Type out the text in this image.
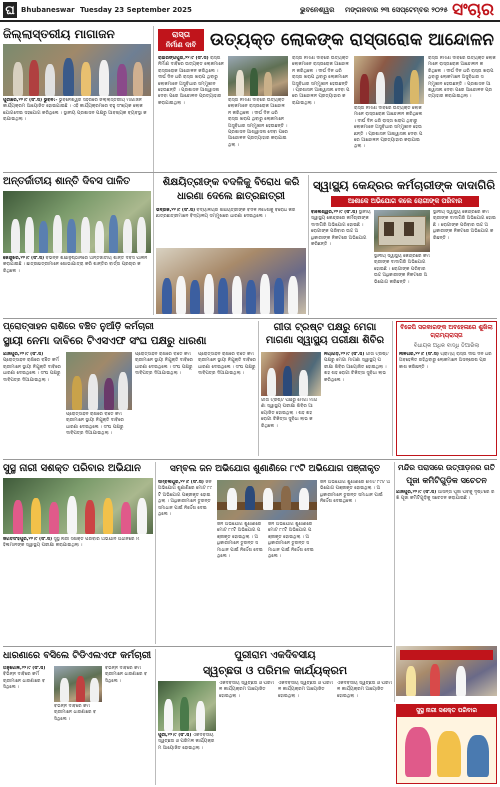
ଘ Bhubaneswar Tuesday 23 September 2025	ଭୁବନେଶ୍ୱର ମଙ୍ଗଳବାର ୨୩ ସେପ୍ଟେମ୍ବର ୨୦୨୫ ସଂଚାର
ଜିଲ୍ଲାସ୍ତରୀୟ ମାଗାଜନ
ପୁରୀରେ,୨୨।୯ (ସଂ.ସ) ଭୁବନ:- ଭୁବନେଶ୍ୱର ସହରରେ ଜିଲ୍ଲାସ୍ତରୀୟ ମାଗାଜନ କାର୍ଯ୍ୟକ୍ରମ ଆୟୋଜିତ ହୋଇଯାଇଛି । ଏହି କାର୍ଯ୍ୟକ୍ରମରେ ବହୁ ସଂଖ୍ୟକ ଲୋକ ଯୋଗଦେଇ ସହଯୋଗ କରିଥିଲେ । ସ୍ଥାନୀୟ ପ୍ରଶାସନ ପକ୍ଷରୁ ଆବଶ୍ୟକ ବ୍ୟବସ୍ଥା କରାଯାଇଥିଲା ।
ରାସ୍ତା
ନିର୍ମାଣ ଦାବି ଉତ୍ୟକ୍ତ ଲୋକଙ୍କ ରାସ୍ତାରୋକ ଆନ୍ଦୋଳନ
ରାଇରଙ୍ଗପୁର,୨୨।୯ (ସଂ.ସ) ରାସ୍ତା ନିର୍ମାଣ ଦାବିରେ ଉତ୍ୟକ୍ତ ଲୋକମାନେ ରାସ୍ତାରୋକ ଆନ୍ଦୋଳନ କରିଥିଲେ । ଦୀର୍ଘ ଦିନ ଧରି ରାସ୍ତା ଖରାପ ଥିବାରୁ ଲୋକମାନେ ଅସୁବିଧାର ସମ୍ମୁଖୀନ ହେଉଛନ୍ତି । ପ୍ରଶାସନ ଆଶ୍ୱାସନା ଦେବା ପରେ ଆନ୍ଦୋଳନ ପ୍ରତ୍ୟାହାର କରାଯାଇଥିଲା ।
ରାସ୍ତା ନିର୍ମାଣ ଦାବିରେ ଉତ୍ୟକ୍ତ ଲୋକମାନେ ରାସ୍ତାରୋକ ଆନ୍ଦୋଳନ କରିଥିଲେ । ଦୀର୍ଘ ଦିନ ଧରି ରାସ୍ତା ଖରାପ ଥିବାରୁ ଲୋକମାନେ ଅସୁବିଧାର ସମ୍ମୁଖୀନ ହେଉଛନ୍ତି । ପ୍ରଶାସନ ଆଶ୍ୱାସନା ଦେବା ପରେ ଆନ୍ଦୋଳନ ପ୍ରତ୍ୟାହାର କରାଯାଇଥିଲା ।
ରାସ୍ତା ନିର୍ମାଣ ଦାବିରେ ଉତ୍ୟକ୍ତ ଲୋକମାନେ ରାସ୍ତାରୋକ ଆନ୍ଦୋଳନ କରିଥିଲେ । ଦୀର୍ଘ ଦିନ ଧରି ରାସ୍ତା ଖରାପ ଥିବାରୁ ଲୋକମାନେ ଅସୁବିଧାର ସମ୍ମୁଖୀନ ହେଉଛନ୍ତି । ପ୍ରଶାସନ ଆଶ୍ୱାସନା ଦେବା ପରେ ଆନ୍ଦୋଳନ ପ୍ରତ୍ୟାହାର କରାଯାଇଥିଲା ।
ରାସ୍ତା ନିର୍ମାଣ ଦାବିରେ ଉତ୍ୟକ୍ତ ଲୋକମାନେ ରାସ୍ତାରୋକ ଆନ୍ଦୋଳନ କରିଥିଲେ । ଦୀର୍ଘ ଦିନ ଧରି ରାସ୍ତା ଖରାପ ଥିବାରୁ ଲୋକମାନେ ଅସୁବିଧାର ସମ୍ମୁଖୀନ ହେଉଛନ୍ତି । ପ୍ରଶାସନ ଆଶ୍ୱାସନା ଦେବା ପରେ ଆନ୍ଦୋଳନ ପ୍ରତ୍ୟାହାର କରାଯାଇଥିଲା ।
ରାସ୍ତା ନିର୍ମାଣ ଦାବିରେ ଉତ୍ୟକ୍ତ ଲୋକମାନେ ରାସ୍ତାରୋକ ଆନ୍ଦୋଳନ କରିଥିଲେ । ଦୀର୍ଘ ଦିନ ଧରି ରାସ୍ତା ଖରାପ ଥିବାରୁ ଲୋକମାନେ ଅସୁବିଧାର ସମ୍ମୁଖୀନ ହେଉଛନ୍ତି । ପ୍ରଶାସନ ଆଶ୍ୱାସନା ଦେବା ପରେ ଆନ୍ଦୋଳନ ପ୍ରତ୍ୟାହାର କରାଯାଇଥିଲା ।
ଅନ୍ତର୍ଜାତୀୟ ଶାନ୍ତି ଦିବସ ପାଳିତ
କେନ୍ଦୁଝର,୨୨।୯ (ସଂ.ସ) ବିଭିନ୍ନ ଶିକ୍ଷାନୁଷ୍ଠାନରେ ଅନ୍ତର୍ଜାତୀୟ ଶାନ୍ତି ଦିବସ ପାଳନ କରାଯାଇଛି । ଛାତ୍ରଛାତ୍ରୀମାନେ ଶୋଭାଯାତ୍ରା କରି ଶାନ୍ତିର ବାର୍ତ୍ତା ପ୍ରଚାର କରିଥିଲେ ।
ଶିକ୍ଷୟିତ୍ରୀଙ୍କ ବଦଳିକୁ ବିରୋଧ କରି ଧାରଣା ଦେଲେ ଛାତ୍ରଛାତ୍ରୀ
ଭଦ୍ରକ,୨୨।୯ (ସଂ.ସ) ବିଦ୍ୟାଳୟର ଶିକ୍ଷୟିତ୍ରୀଙ୍କ ବଦଳି ନିର୍ଦ୍ଦେଶକୁ ବିରୋଧ କରି ଛାତ୍ରଛାତ୍ରୀମାନେ ବିଦ୍ୟାଳୟ ସମ୍ମୁଖରେ ଧାରଣା ଦେଇଥିଲେ ।
ସ୍ୱାସ୍ଥ୍ୟ କେନ୍ଦ୍ରର କର୍ମଚାରୀଙ୍କ ଦାଦାଗିରି
ଆଶାକେ ଅଭିଯୋଗ କଲେ ରୋଗୀଙ୍କ ପରିବାର
ବାଲେଶ୍ୱର,୨୨।୯ (ସଂ.ସ) ସ୍ଥାନୀୟ ସ୍ୱାସ୍ଥ୍ୟ କେନ୍ଦ୍ରରେ କର୍ମଚାରୀଙ୍କ ଦାଦାଗିରି ଅଭିଯୋଗ ହୋଇଛି । ରୋଗୀଙ୍କ ପରିବାର ଉଚ୍ଚ ଅଧିକାରୀଙ୍କ ନିକଟରେ ଅଭିଯୋଗ କରିଛନ୍ତି ।
ସ୍ଥାନୀୟ ସ୍ୱାସ୍ଥ୍ୟ କେନ୍ଦ୍ରରେ କର୍ମଚାରୀଙ୍କ ଦାଦାଗିରି ଅଭିଯୋଗ ହୋଇଛି । ରୋଗୀଙ୍କ ପରିବାର ଉଚ୍ଚ ଅଧିକାରୀଙ୍କ ନିକଟରେ ଅଭିଯୋଗ କରିଛନ୍ତି ।
ସ୍ଥାନୀୟ ସ୍ୱାସ୍ଥ୍ୟ କେନ୍ଦ୍ରରେ କର୍ମଚାରୀଙ୍କ ଦାଦାଗିରି ଅଭିଯୋଗ ହୋଇଛି । ରୋଗୀଙ୍କ ପରିବାର ଉଚ୍ଚ ଅଧିକାରୀଙ୍କ ନିକଟରେ ଅଭିଯୋଗ କରିଛନ୍ତି ।
ପ୍ରୋତ୍ସାହନ ରାଶିରେ ବଞ୍ଚିତ ନୁଆଁଡ଼ି କର୍ମଚାରୀ
ସ୍ଥାୟୀ ନେମା ଦାବିରେ ଟିଏସଏଫ ସଂଘ ପକ୍ଷରୁ ଧାରଣା
ଯାଜପୁର,୨୨।୯ (ସଂ.ସ) ପ୍ରୋତ୍ସାହନ ରାଶିରେ ବଞ୍ଚିତ କର୍ମଚାରୀମାନେ ସ୍ଥାୟୀ ନିଯୁକ୍ତି ଦାବିରେ ଧାରଣା ଦେଇଥିଲେ । ସଂଘ ପକ୍ଷରୁ ଦାବିପତ୍ର ଦିଆଯାଇଥିଲା ।
ପ୍ରୋତ୍ସାହନ ରାଶିରେ ବଞ୍ଚିତ କର୍ମଚାରୀମାନେ ସ୍ଥାୟୀ ନିଯୁକ୍ତି ଦାବିରେ ଧାରଣା ଦେଇଥିଲେ । ସଂଘ ପକ୍ଷରୁ ଦାବିପତ୍ର ଦିଆଯାଇଥିଲା ।
ପ୍ରୋତ୍ସାହନ ରାଶିରେ ବଞ୍ଚିତ କର୍ମଚାରୀମାନେ ସ୍ଥାୟୀ ନିଯୁକ୍ତି ଦାବିରେ ଧାରଣା ଦେଇଥିଲେ । ସଂଘ ପକ୍ଷରୁ ଦାବିପତ୍ର ଦିଆଯାଇଥିଲା ।
ପ୍ରୋତ୍ସାହନ ରାଶିରେ ବଞ୍ଚିତ କର୍ମଚାରୀମାନେ ସ୍ଥାୟୀ ନିଯୁକ୍ତି ଦାବିରେ ଧାରଣା ଦେଇଥିଲେ । ସଂଘ ପକ୍ଷରୁ ଦାବିପତ୍ର ଦିଆଯାଇଥିଲା ।
ଗୀତା ଟ୍ରଷ୍ଟ ପକ୍ଷରୁ ମେଗା
ମାଗଣା ସ୍ୱାସ୍ଥ୍ୟ ପରୀକ୍ଷା ଶିବିର
ଗୀତା ଟ୍ରଷ୍ଟ ପକ୍ଷରୁ ମେଗା ମାଗଣା ସ୍ୱାସ୍ଥ୍ୟ ପରୀକ୍ଷା ଶିବିର ଆୟୋଜିତ ହୋଇଥିଲା । ଶହ ଶହ ରୋଗୀ ଚିକିତ୍ସା ସୁବିଧା ଲାଭ କରିଥିଲେ ।
ନୟାଗଡ଼,୨୨।୯ (ସଂ.ସ) ଗୀତା ଟ୍ରଷ୍ଟ ପକ୍ଷରୁ ମେଗା ମାଗଣା ସ୍ୱାସ୍ଥ୍ୟ ପରୀକ୍ଷା ଶିବିର ଆୟୋଜିତ ହୋଇଥିଲା । ଶହ ଶହ ରୋଗୀ ଚିକିତ୍ସା ସୁବିଧା ଲାଭ କରିଥିଲେ ।
ବିଜେପି ସରକାରଙ୍କ ଅବହେଳାରେ ଶୁଖିଲା ଗ୍ରାମ୍ୟରାସ୍ତା
ବିଧାୟକ ଅଧିକ ବାଦ୍ଧି ତିଆରିଲା
ନୀଳଗିରି,୨୨।୯ (ସଂ.ସ) ଗ୍ରାମ୍ୟ ରାସ୍ତା ଦୀର୍ଘ ଦିନ ଧରି ଅବହେଳିତ ରହିଥିବାରୁ ଲୋକମାନେ ଅସନ୍ତୋଷ ପ୍ରକାଶ କରିଛନ୍ତି ।
ମନ୍ଦିର ପରାସରେ ଉତ୍ପୀଡ଼ନର ଗତି
ପୂଜା କମିଟିଗୁଡ଼ିକ ସଚେତନ
ଯାଜପୁର,୨୨।୯ (ସଂ.ସ) ଆସନ୍ତା ପୂଜା ପର୍ବକୁ ଦୃଷ୍ଟିରେ ରଖି ପୂଜା କମିଟିଗୁଡ଼ିକୁ ସଚେତନ କରାଯାଇଛି ।
ସୁସ୍ଥ ନାରୀ ସଶକ୍ତ ପରିବାର ଅଭିଯାନ
ଜଗତସିଂହପୁର,୨୨।୯ (ସଂ.ସ) ସୁସ୍ଥ ନାରୀ ସଶକ୍ତ ପରିବାର ଅଭିଯାନ ଅଧୀନରେ ମହିଳାମାନଙ୍କ ସ୍ୱାସ୍ଥ୍ୟ ପରୀକ୍ଷା କରାଯାଇଥିଲା ।
ସମ୍ବଲ ଜନ ଅଭିଯୋଗ ଶୁଣାଣିରେ ୮୯ଟି ଅଭିଯୋଗ ପଞ୍ଜୀକୃତ
ସମ୍ବଲପୁର,୨୨।୯ (ସଂ.ସ) ଜନ ଅଭିଯୋଗ ଶୁଣାଣିରେ ମୋଟ ୮୯ଟି ଅଭିଯୋଗ ପଞ୍ଜୀକୃତ ହୋଇଥିଲା । ଅଧିକାରୀମାନେ ତୁରନ୍ତ ସମାଧାନ ପାଇଁ ନିର୍ଦ୍ଦେଶ ଦେଇଥିଲେ ।
ଜନ ଅଭିଯୋଗ ଶୁଣାଣିରେ ମୋଟ ୮୯ଟି ଅଭିଯୋଗ ପଞ୍ଜୀକୃତ ହୋଇଥିଲା । ଅଧିକାରୀମାନେ ତୁରନ୍ତ ସମାଧାନ ପାଇଁ ନିର୍ଦ୍ଦେଶ ଦେଇଥିଲେ ।
ଜନ ଅଭିଯୋଗ ଶୁଣାଣିରେ ମୋଟ ୮୯ଟି ଅଭିଯୋଗ ପଞ୍ଜୀକୃତ ହୋଇଥିଲା । ଅଧିକାରୀମାନେ ତୁରନ୍ତ ସମାଧାନ ପାଇଁ ନିର୍ଦ୍ଦେଶ ଦେଇଥିଲେ ।
ଜନ ଅଭିଯୋଗ ଶୁଣାଣିରେ ମୋଟ ୮୯ଟି ଅଭିଯୋଗ ପଞ୍ଜୀକୃତ ହୋଇଥିଲା । ଅଧିକାରୀମାନେ ତୁରନ୍ତ ସମାଧାନ ପାଇଁ ନିର୍ଦ୍ଦେଶ ଦେଇଥିଲେ ।
ଧାରଣାରେ ବସିଲେ ଟିଡିଏଲଏଫ କର୍ମଚାରୀ
ଅନୁଗୋଳ,୨୨।୯ (ସଂ.ସ) ବିଭିନ୍ନ ଦାବିରେ କର୍ମଚାରୀମାନେ ଧାରଣାରେ ବସିଥିଲେ ।
ବିଭିନ୍ନ ଦାବିରେ କର୍ମଚାରୀମାନେ ଧାରଣାରେ ବସିଥିଲେ ।
ବିଭିନ୍ନ ଦାବିରେ କର୍ମଚାରୀମାନେ ଧାରଣାରେ ବସିଥିଲେ ।
ପୁରୀରାମ ଏକଦିବସୀୟ
ସ୍ୱଚ୍ଛତା ଓ ପରିମଳ କାର୍ଯ୍ୟକ୍ରମ
ପୁରୀ,୨୨।୯ (ସଂ.ସ) ଏକଦିବସୀୟ ସ୍ୱଚ୍ଛତା ଓ ପରିମଳ କାର୍ଯ୍ୟକ୍ରମ ଆୟୋଜିତ ହୋଇଥିଲା ।
ଏକଦିବସୀୟ ସ୍ୱଚ୍ଛତା ଓ ପରିମଳ କାର୍ଯ୍ୟକ୍ରମ ଆୟୋଜିତ ହୋଇଥିଲା ।
ଏକଦିବସୀୟ ସ୍ୱଚ୍ଛତା ଓ ପରିମଳ କାର୍ଯ୍ୟକ୍ରମ ଆୟୋଜିତ ହୋଇଥିଲା ।
ଏକଦିବସୀୟ ସ୍ୱଚ୍ଛତା ଓ ପରିମଳ କାର୍ଯ୍ୟକ୍ରମ ଆୟୋଜିତ ହୋଇଥିଲା ।
ସୁସ୍ଥ ନାରୀ ସଶକ୍ତ ପରିବାର
